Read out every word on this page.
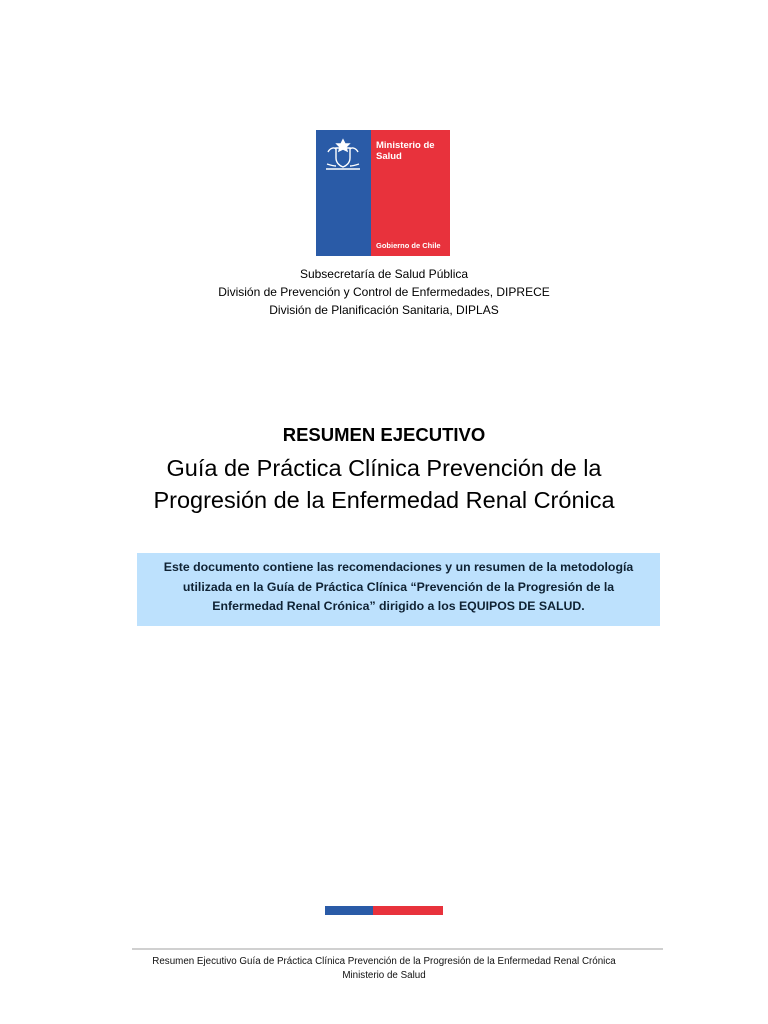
Ministerio de
Salud
Gobierno de Chile
Subsecretaría de Salud Pública
División de Prevención y Control de Enfermedades, DIPRECE
División de Planificación Sanitaria, DIPLAS
RESUMEN EJECUTIVO
Guía de Práctica Clínica Prevención de la
Progresión de la Enfermedad Renal Crónica
Este documento contiene las recomendaciones y un resumen de la metodología
utilizada en la Guía de Práctica Clínica “Prevención de la Progresión de la
Enfermedad Renal Crónica” dirigido a los EQUIPOS DE SALUD.
Resumen Ejecutivo Guía de Práctica Clínica Prevención de la Progresión de la Enfermedad Renal Crónica
Ministerio de Salud
